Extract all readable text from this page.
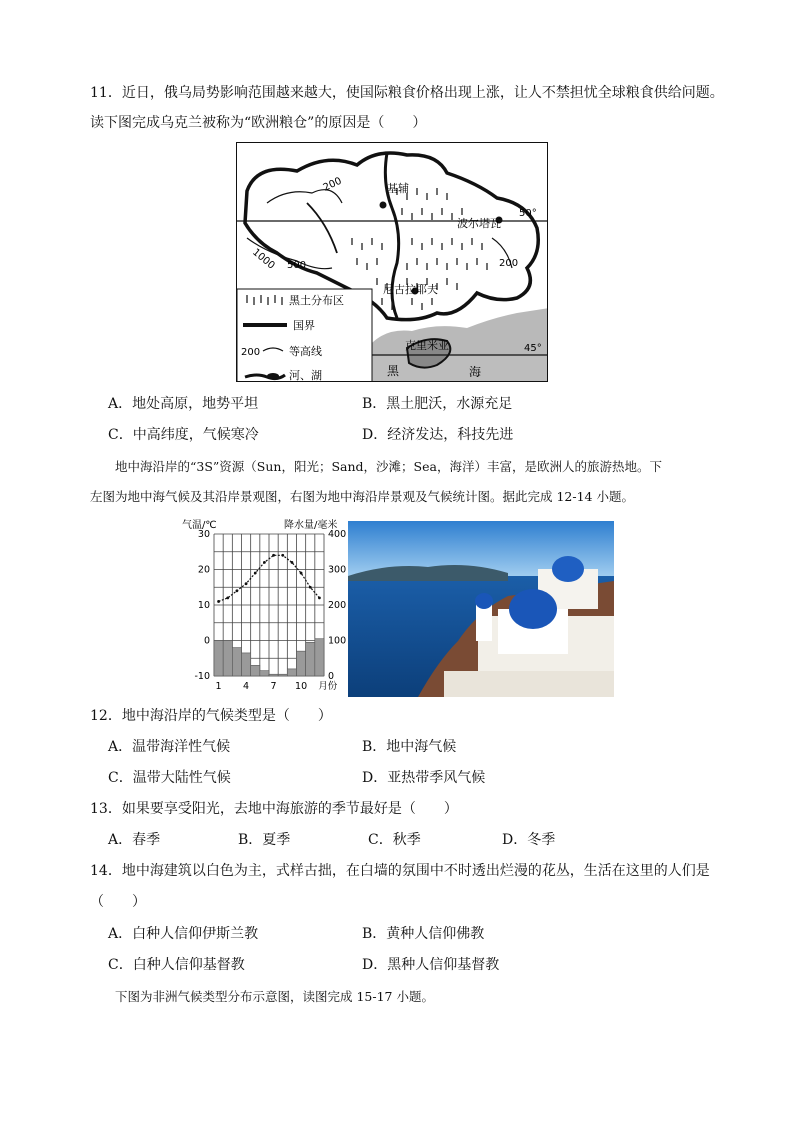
11．近日，俄乌局势影响范围越来越大，使国际粮食价格出现上涨，让人不禁担忧全球粮食供给问题。
读下图完成乌克兰被称为“欧洲粮仓”的原因是（　　）
基辅
波尔塔瓦
尼古拉耶夫
克里米亚
黑	海
50°
45°
200
200
500
1000
黑土分布区
国界
200	等高线
河、湖
A．地处高原，地势平坦	B．黑土肥沃，水源充足
C．中高纬度，气候寒冷	D．经济发达，科技先进
地中海沿岸的“3S”资源（Sun，阳光；Sand，沙滩；Sea，海洋）丰富，是欧洲人的旅游热地。下
左图为地中海气候及其沿岸景观图，右图为地中海沿岸景观及气候统计图。据此完成 12-14 小题。
气温/℃	降水量/毫米
30
20
10
0
-10
400
300
200
100
0
1 4 7 10 月份
12．地中海沿岸的气候类型是（　　）
A．温带海洋性气候	B．地中海气候
C．温带大陆性气候	D．亚热带季风气候
13．如果要享受阳光，去地中海旅游的季节最好是（　　）
A．春季	B．夏季	C．秋季	D．冬季
14．地中海建筑以白色为主，式样古拙，在白墙的氛围中不时透出烂漫的花丛，生活在这里的人们是
（　　）
A．白种人信仰伊斯兰教	B．黄种人信仰佛教
C．白种人信仰基督教	D．黑种人信仰基督教
下图为非洲气候类型分布示意图，读图完成 15-17 小题。
